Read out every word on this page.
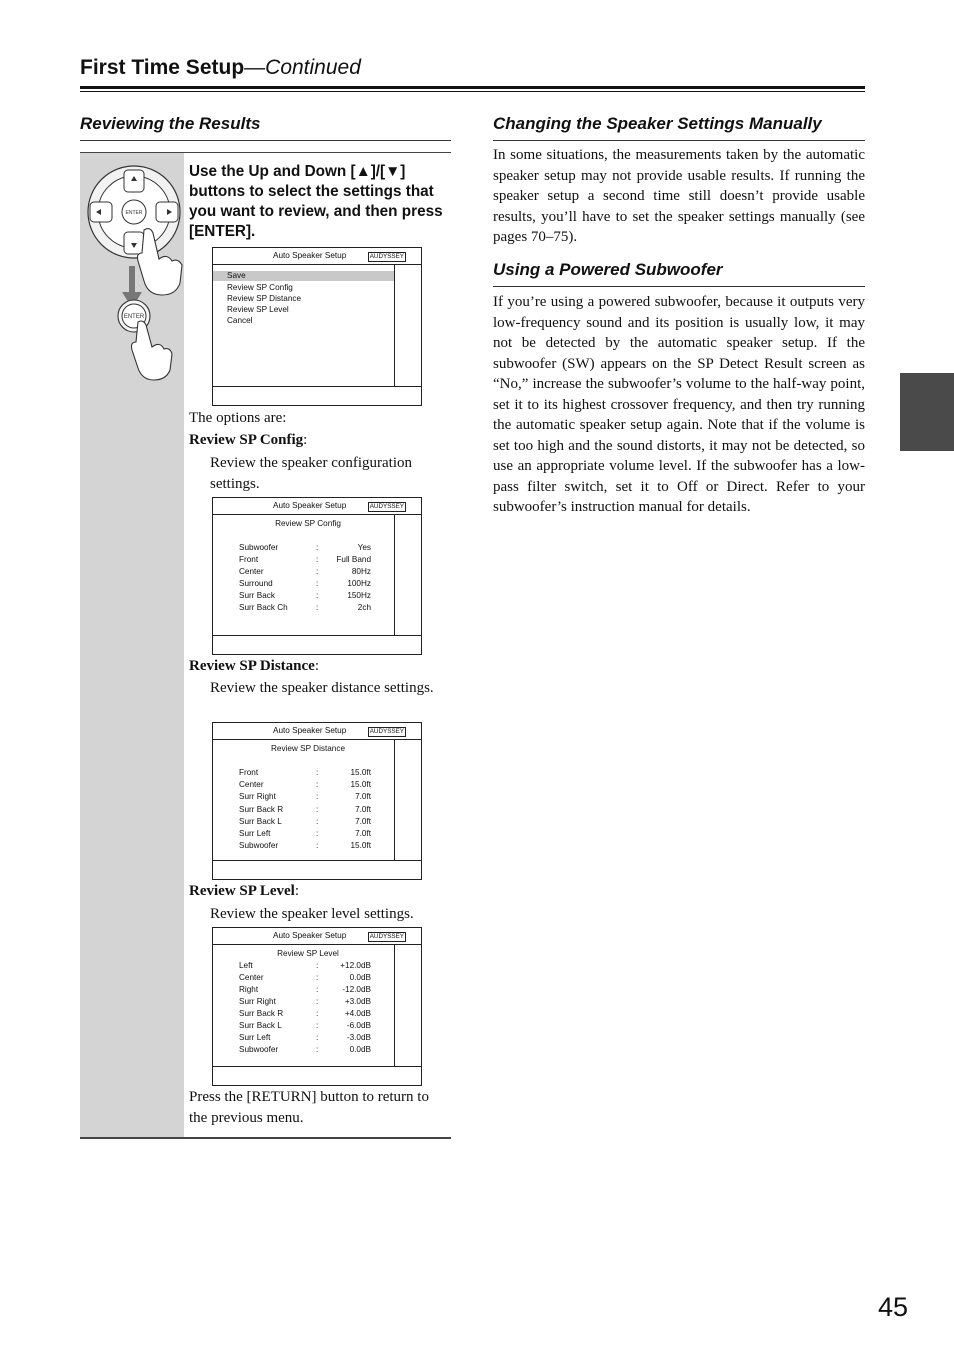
First Time Setup—Continued
Reviewing the Results
ENTER
ENTER
Use the Up and Down [▲]/[▼] buttons to select the settings that you want to review, and then press [ENTER].
Auto Speaker Setup	AUDYSSEY
Save
Review SP Config
Review SP Distance
Review SP Level
Cancel
The options are:
Review SP Config:
Review the speaker configuration settings.
Auto Speaker Setup	AUDYSSEY
Review SP Config
Subwoofer	:	Yes
Front	: Full Band
Center	:	80Hz
Surround	:	100Hz
Surr Back	:	150Hz
Surr Back Ch	:	2ch
Review SP Distance:
Review the speaker distance settings.
Auto Speaker Setup	AUDYSSEY
Review SP Distance
Front	:	15.0ft
Center	:	15.0ft
Surr Right	:	7.0ft
Surr Back R	:	7.0ft
Surr Back L	:	7.0ft
Surr Left	:	7.0ft
Subwoofer	:	15.0ft
Review SP Level:
Review the speaker level settings.
Auto Speaker Setup	AUDYSSEY
Review SP Level
Left	:	+12.0dB
Center	:	0.0dB
Right	:	-12.0dB
Surr Right	:	+3.0dB
Surr Back R	:	+4.0dB
Surr Back L	:	-6.0dB
Surr Left	:	-3.0dB
Subwoofer	:	0.0dB
Press the [RETURN] button to return to the previous menu.
Changing the Speaker Settings Manually
In some situations, the measurements taken by the automatic speaker setup may not provide usable results. If running the speaker setup a second time still doesn’t provide usable results, you’ll have to set the speaker settings manually (see pages 70–75).
Using a Powered Subwoofer
If you’re using a powered subwoofer, because it outputs very low-frequency sound and its position is usually low, it may not be detected by the automatic speaker setup. If the subwoofer (SW) appears on the SP Detect Result screen as “No,” increase the subwoofer’s volume to the half-way point, set it to its highest crossover frequency, and then try running the automatic speaker setup again. Note that if the volume is set too high and the sound distorts, it may not be detected, so use an appropriate volume level. If the subwoofer has a low-pass filter switch, set it to Off or Direct. Refer to your subwoofer’s instruction manual for details.
45
